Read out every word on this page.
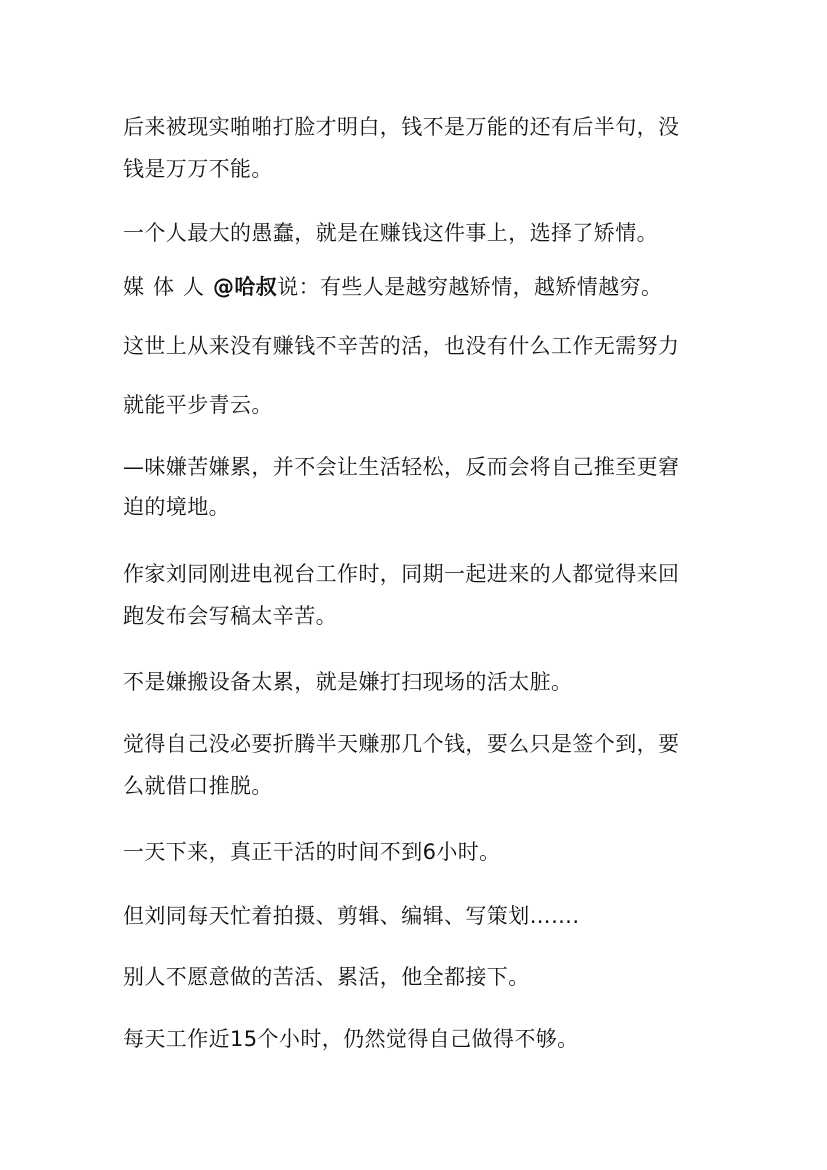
后来被现实啪啪打脸才明白，钱不是万能的还有后半句，没
钱是万万不能。
一个人最大的愚蠢，就是在赚钱这件事上，选择了矫情。
媒体人@哈叔说：有些人是越穷越矫情，越矫情越穷。
这世上从来没有赚钱不辛苦的活，也没有什么工作无需努力
就能平步青云。
—味嫌苦嫌累，并不会让生活轻松，反而会将自己推至更窘
迫的境地。
作家刘同刚进电视台工作时，同期一起进来的人都觉得来回
跑发布会写稿太辛苦。
不是嫌搬设备太累，就是嫌打扫现场的活太脏。
觉得自己没必要折腾半天赚那几个钱，要么只是签个到，要
么就借口推脱。
一天下来，真正干活的时间不到6小时。
但刘同每天忙着拍摄、剪辑、编辑、写策划…….
别人不愿意做的苦活、累活，他全都接下。
每天工作近15个小时，仍然觉得自己做得不够。
